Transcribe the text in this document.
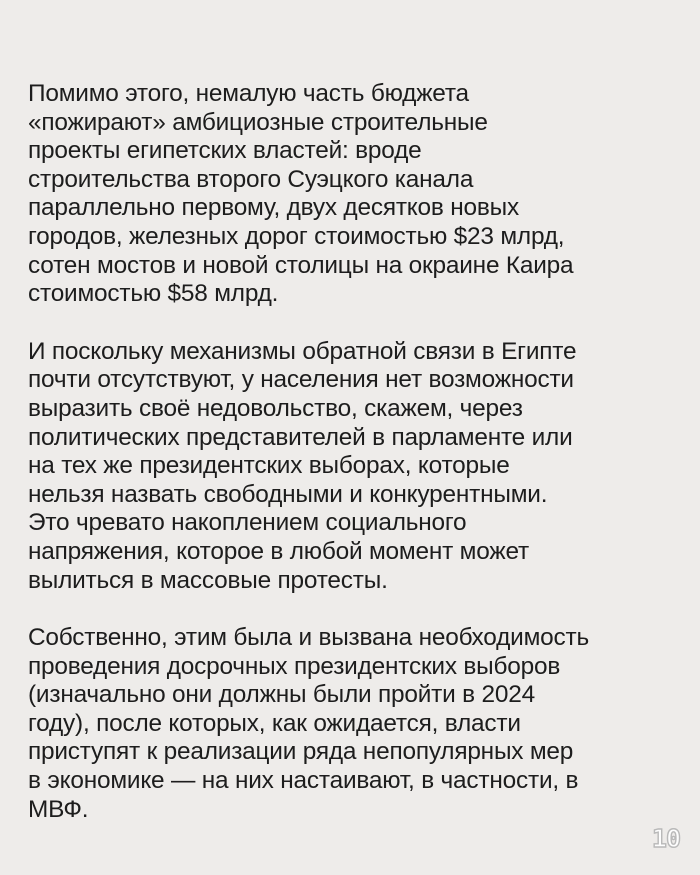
Помимо этого, немалую часть бюджета
«пожирают» амбициозные строительные
проекты египетских властей: вроде
строительства второго Суэцкого канала
параллельно первому, двух десятков новых
городов, железных дорог стоимостью $23 млрд,
сотен мостов и новой столицы на окраине Каира
стоимостью $58 млрд.

И поскольку механизмы обратной связи в Египте
почти отсутствуют, у населения нет возможности
выразить своё недовольство, скажем, через
политических представителей в парламенте или
на тех же президентских выборах, которые
нельзя назвать свободными и конкурентными.
Это чревато накоплением социального
напряжения, которое в любой момент может
вылиться в массовые протесты.

Собственно, этим была и вызвана необходимость
проведения досрочных президентских выборов
(изначально они должны были пройти в 2024
году), после которых, как ожидается, власти
приступят к реализации ряда непопулярных мер
в экономике — на них настаивают, в частности, в
МВФ.

10
